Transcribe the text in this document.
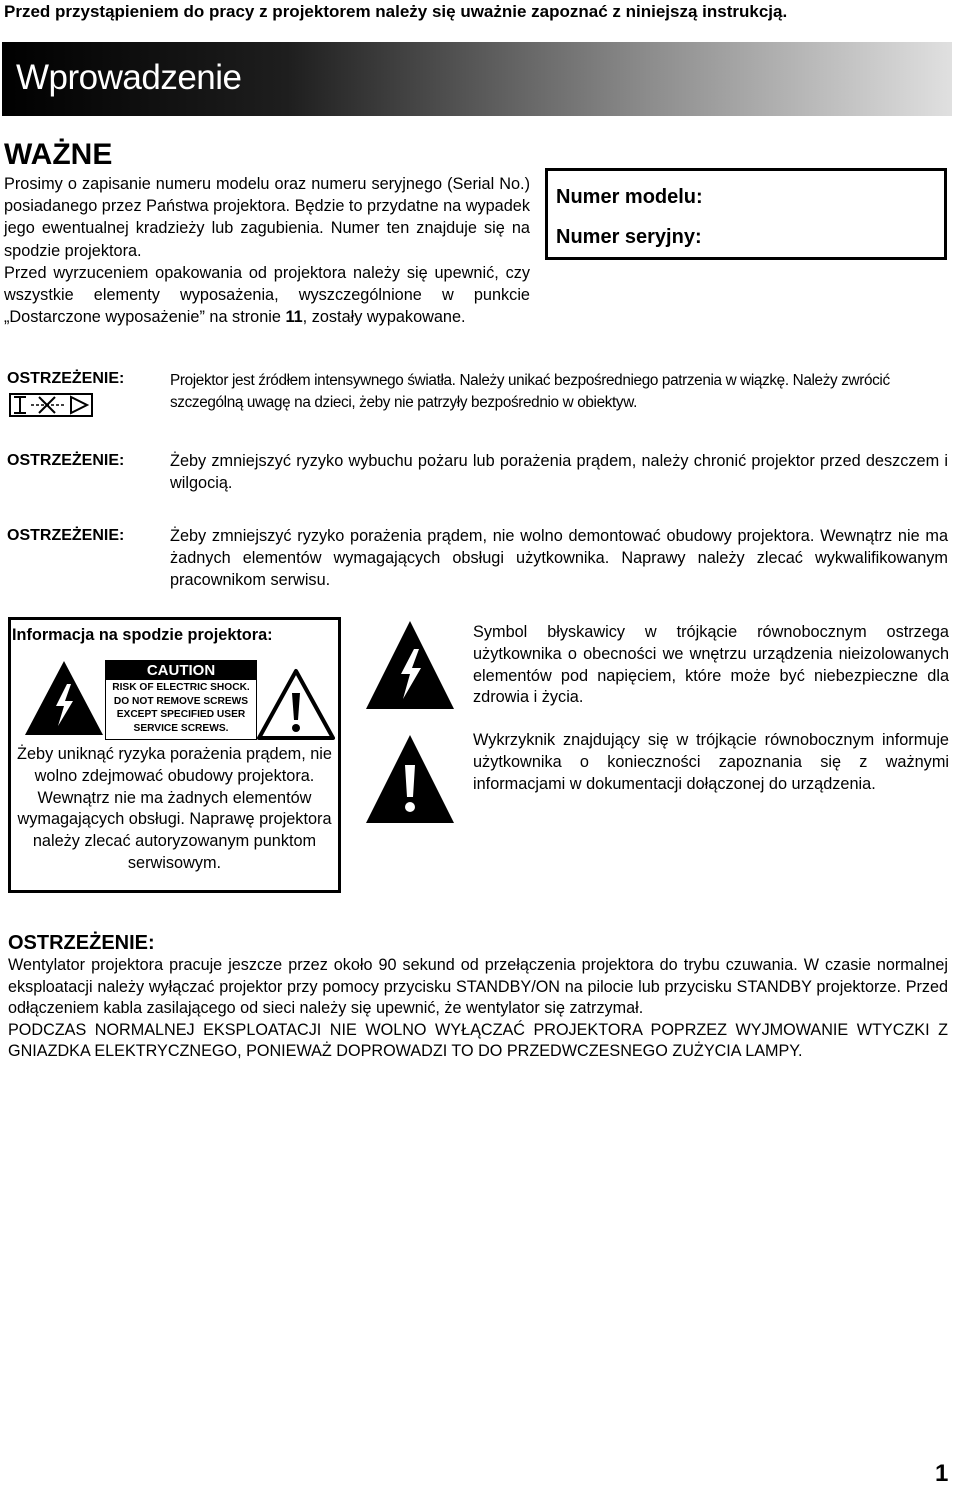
Przed przystąpieniem do pracy z projektorem należy się uważnie zapoznać z niniejszą instrukcją.
Wprowadzenie
WAŻNE
Prosimy o zapisanie numeru modelu oraz numeru seryjnego (Serial No.) posiadanego przez Państwa projektora. Będzie to przydatne na wypadek jego ewentualnej kradzieży lub zagubienia. Numer ten znajduje się na spodzie projektora.
Przed wyrzuceniem opakowania od projektora należy się upewnić, czy wszystkie elementy wyposażenia, wyszczególnione w punkcie „Dostarczone wyposażenie” na stronie 11, zostały wypakowane.
Numer modelu:
Numer seryjny:
OSTRZEŻENIE:	Projektor jest źródłem intensywnego światła. Należy unikać bezpośredniego patrzenia w wiązkę. Należy zwrócić szczególną uwagę na dzieci, żeby nie patrzyły bezpośrednio w obiektyw.
OSTRZEŻENIE:	Żeby zmniejszyć ryzyko wybuchu pożaru lub porażenia prądem, należy chronić projektor przed deszczem i wilgocią.
OSTRZEŻENIE:	Żeby zmniejszyć ryzyko porażenia prądem, nie wolno demontować obudowy projektora. Wewnątrz nie ma żadnych elementów wymagających obsługi użytkownika. Naprawy należy zlecać wykwalifikowanym pracownikom serwisu.
Informacja na spodzie projektora:
CAUTION
RISK OF ELECTRIC SHOCK.
DO NOT REMOVE SCREWS
EXCEPT SPECIFIED USER
SERVICE SCREWS.
Żeby uniknąć ryzyka porażenia prądem, nie wolno zdejmować obudowy projektora. Wewnątrz nie ma żadnych elementów wymagających obsługi. Naprawę projektora należy zlecać autoryzowanym punktom serwisowym.
Symbol błyskawicy w trójkącie równobocznym ostrzega użytkownika o obecności we wnętrzu urządzenia nieizolowanych elementów pod napięciem, które może być niebezpieczne dla zdrowia i życia.
Wykrzyknik znajdujący się w trójkącie równobocznym informuje użytkownika o konieczności zapoznania się z ważnymi informacjami w dokumentacji dołączonej do urządzenia.
OSTRZEŻENIE:
Wentylator projektora pracuje jeszcze przez około 90 sekund od przełączenia projektora do trybu czuwania. W czasie normalnej eksploatacji należy wyłączać projektor przy pomocy przycisku STANDBY/ON na pilocie lub przycisku STANDBY projektorze. Przed odłączeniem kabla zasilającego od sieci należy się upewnić, że wentylator się zatrzymał.
PODCZAS NORMALNEJ EKSPLOATACJI NIE WOLNO WYŁĄCZAĆ PROJEKTORA POPRZEZ WYJMOWANIE WTYCZKI Z GNIAZDKA ELEKTRYCZNEGO, PONIEWAŻ DOPROWADZI TO DO PRZEDWCZESNEGO ZUŻYCIA LAMPY.
1
